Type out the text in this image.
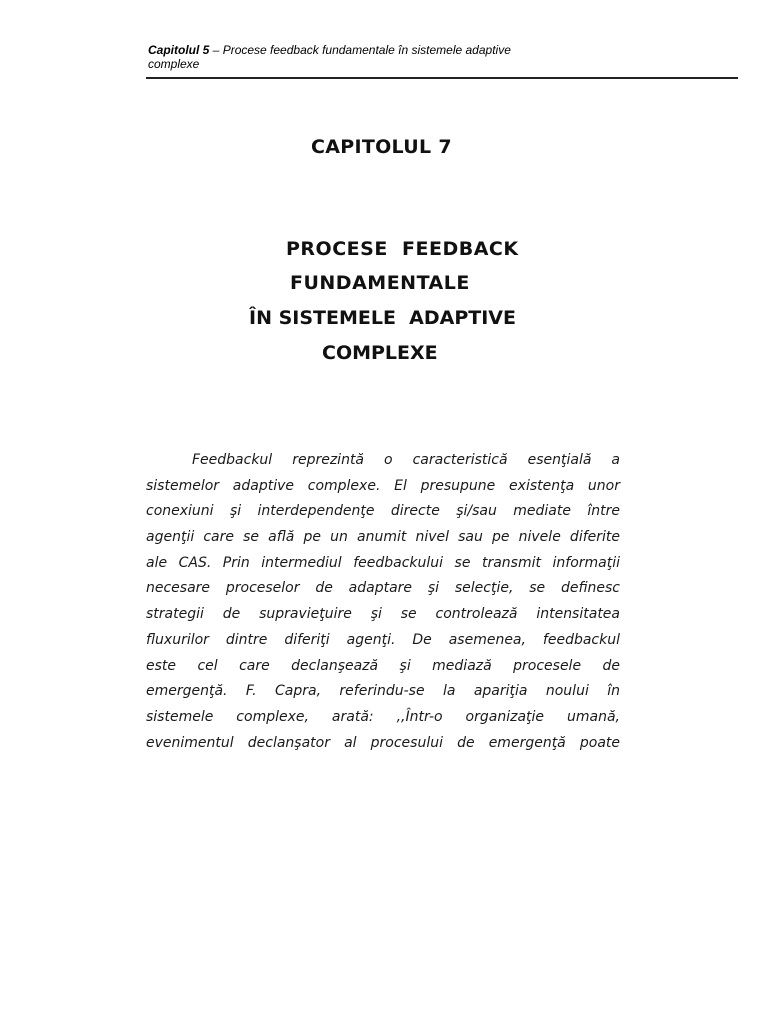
Capitolul 5 – Procese feedback fundamentale în sistemele adaptive
complexe
CAPITOLUL 7
PROCESE  FEEDBACK
FUNDAMENTALE
ÎN SISTEMELE  ADAPTIVE
COMPLEXE
Feedbackul reprezintă o caracteristică esenţială a
sistemelor adaptive complexe. El presupune existenţa unor
conexiuni şi interdependenţe directe şi/sau mediate între
agenţii care se află pe un anumit nivel sau pe nivele diferite
ale CAS. Prin intermediul feedbackului se transmit informaţii
necesare proceselor de adaptare şi selecţie, se definesc
strategii de supravieţuire şi se controlează intensitatea
fluxurilor dintre diferiţi agenţi. De asemenea, feedbackul
este cel care declanşează şi mediază procesele de
emergenţă. F. Capra, referindu-se la apariţia noului în
sistemele complexe, arată: ,,Într-o organizaţie umană,
evenimentul declanşator al procesului de emergenţă poate
